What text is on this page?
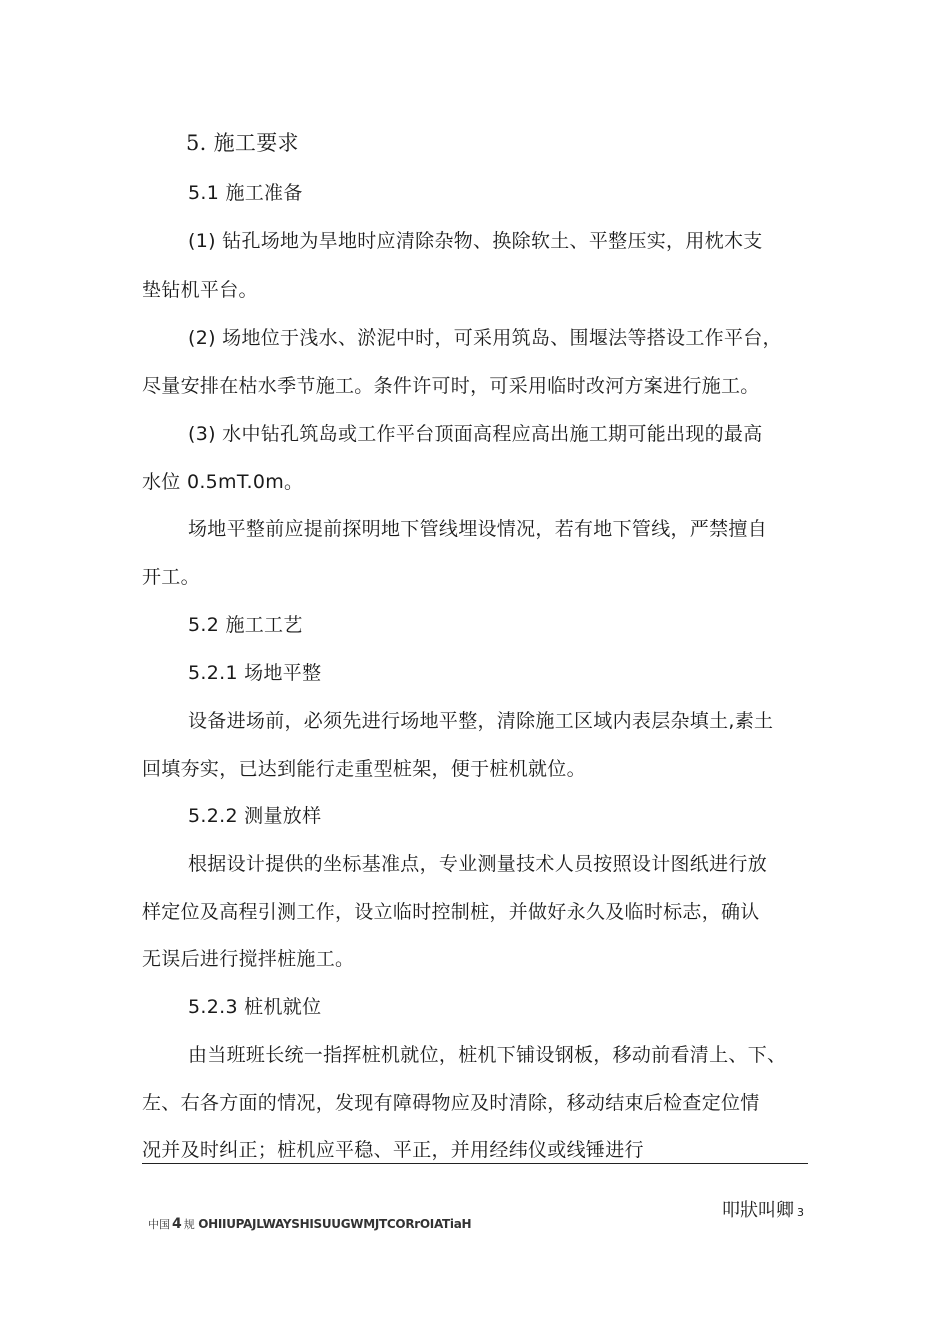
5. 施工要求
5.1 施工准备
(1) 钻孔场地为旱地时应清除杂物、换除软土、平整压实，用枕木支
垫钻机平台。
(2) 场地位于浅水、淤泥中时，可采用筑岛、围堰法等搭设工作平台，
尽量安排在枯水季节施工。条件许可时，可采用临时改河方案进行施工。
(3) 水中钻孔筑岛或工作平台顶面高程应高出施工期可能出现的最高
水位 0.5mT.0m。
场地平整前应提前探明地下管线埋设情况，若有地下管线，严禁擅自
开工。
5.2 施工工艺
5.2.1 场地平整
设备进场前，必须先进行场地平整，清除施工区域内表层杂填土,素土
回填夯实，已达到能行走重型桩架，便于桩机就位。
5.2.2 测量放样
根据设计提供的坐标基准点，专业测量技术人员按照设计图纸进行放
样定位及高程引测工作，设立临时控制桩，并做好永久及临时标志，确认
无误后进行搅拌桩施工。
5.2.3 桩机就位
由当班班长统一指挥桩机就位，桩机下铺设钢板，移动前看清上、下、
左、右各方面的情况，发现有障碍物应及时清除，移动结束后检查定位情
况并及时纠正；桩机应平稳、平正，并用经纬仪或线锤进行
叩狀叫卿 3
中国 4 规 OHIIUPAJLWAYSHISUUGWMJTCORrOIATiaH
